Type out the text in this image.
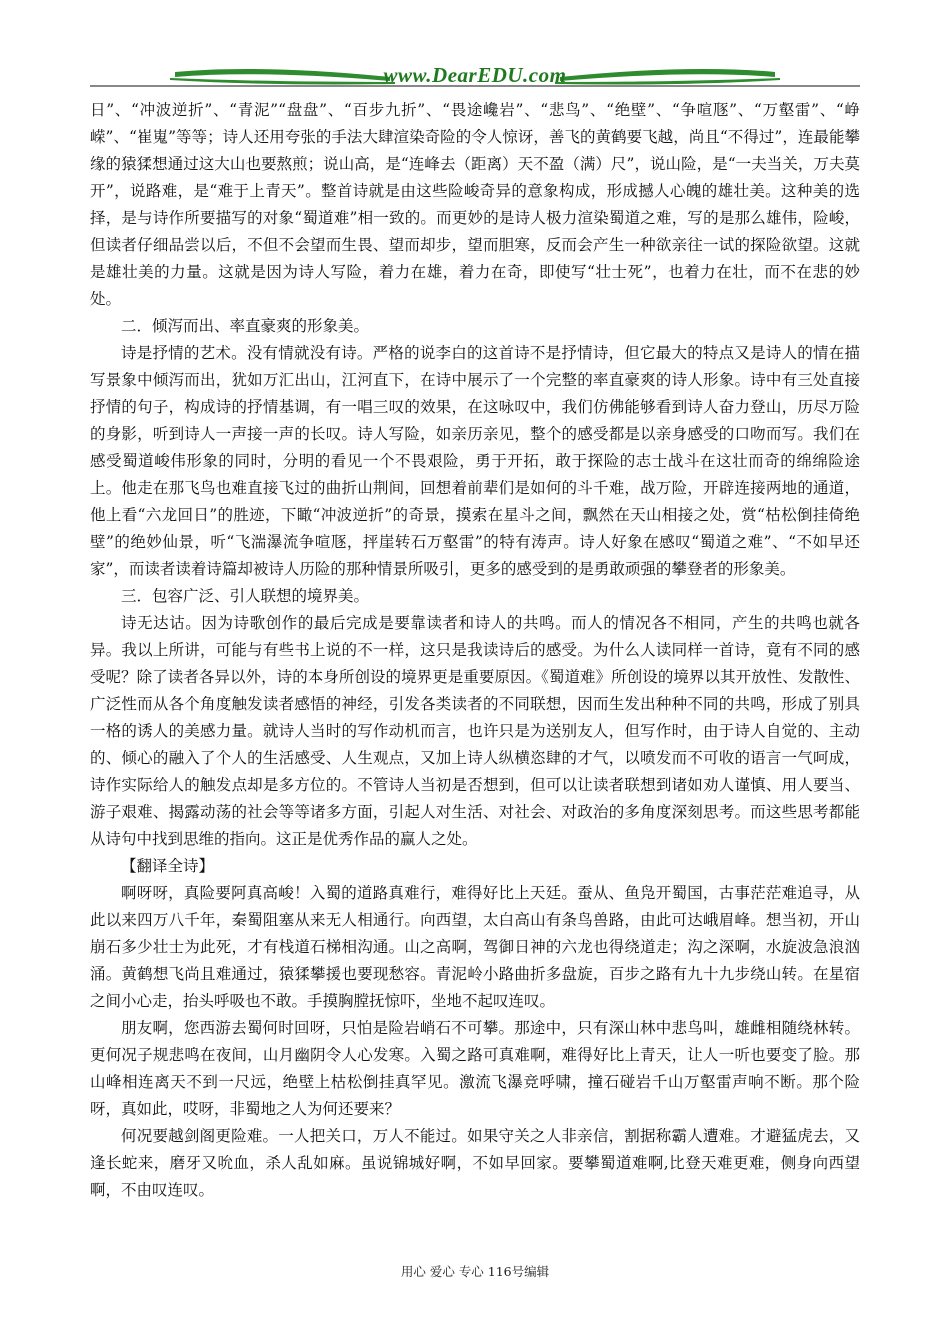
www.DearEDU.com

日”、“冲波逆折”、“青泥”“盘盘”、“百步九折”、“畏途巉岩”、“悲鸟”、“绝壁”、“争喧豗”、“万壑雷”、“峥嵘”、“崔嵬”等等；诗人还用夸张的手法大肆渲染奇险的令人惊讶，善飞的黄鹤要飞越，尚且“不得过”，连最能攀缘的猿猱想通过这大山也要熬煎；说山高，是“连峰去（距离）天不盈（满）尺”，说山险，是“一夫当关，万夫莫开”，说路难，是“难于上青天”。整首诗就是由这些险峻奇异的意象构成，形成撼人心魄的雄壮美。这种美的选择，是与诗作所要描写的对象“蜀道难”相一致的。而更妙的是诗人极力渲染蜀道之难，写的是那么雄伟，险峻，但读者仔细品尝以后，不但不会望而生畏、望而却步，望而胆寒，反而会产生一种欲亲往一试的探险欲望。这就是雄壮美的力量。这就是因为诗人写险，着力在雄，着力在奇，即使写“壮士死”，也着力在壮，而不在悲的妙处。

二．倾泻而出、率直豪爽的形象美。

诗是抒情的艺术。没有情就没有诗。严格的说李白的这首诗不是抒情诗，但它最大的特点又是诗人的情在描写景象中倾泻而出，犹如万汇出山，江河直下，在诗中展示了一个完整的率直豪爽的诗人形象。诗中有三处直接抒情的句子，构成诗的抒情基调，有一唱三叹的效果，在这咏叹中，我们仿佛能够看到诗人奋力登山，历尽万险的身影，听到诗人一声接一声的长叹。诗人写险，如亲历亲见，整个的感受都是以亲身感受的口吻而写。我们在感受蜀道峻伟形象的同时，分明的看见一个不畏艰险，勇于开拓，敢于探险的志士战斗在这壮而奇的绵绵险途上。他走在那飞鸟也难直接飞过的曲折山荆间，回想着前辈们是如何的斗千难，战万险，开辟连接两地的通道，他上看“六龙回日”的胜迹，下瞰“冲波逆折”的奇景，摸索在星斗之间，飘然在天山相接之处，赏“枯松倒挂倚绝壁”的绝妙仙景，听“飞湍瀑流争喧豗，抨崖转石万壑雷”的特有涛声。诗人好象在感叹“蜀道之难”、“不如早还家”，而读者读着诗篇却被诗人历险的那种情景所吸引，更多的感受到的是勇敢顽强的攀登者的形象美。

三．包容广泛、引人联想的境界美。

诗无达诂。因为诗歌创作的最后完成是要靠读者和诗人的共鸣。而人的情况各不相同，产生的共鸣也就各异。我以上所讲，可能与有些书上说的不一样，这只是我读诗后的感受。为什么人读同样一首诗，竟有不同的感受呢？除了读者各异以外，诗的本身所创设的境界更是重要原因。《蜀道难》所创设的境界以其开放性、发散性、广泛性而从各个角度触发读者感悟的神经，引发各类读者的不同联想，因而生发出种种不同的共鸣，形成了别具一格的诱人的美感力量。就诗人当时的写作动机而言，也许只是为送别友人，但写作时，由于诗人自觉的、主动的、倾心的融入了个人的生活感受、人生观点，又加上诗人纵横恣肆的才气，以喷发而不可收的语言一气呵成，诗作实际给人的触发点却是多方位的。不管诗人当初是否想到，但可以让读者联想到诸如劝人谨慎、用人要当、游子艰难、揭露动荡的社会等等诸多方面，引起人对生活、对社会、对政治的多角度深刻思考。而这些思考都能从诗句中找到思维的指向。这正是优秀作品的赢人之处。

【翻译全诗】

啊呀呀，真险要阿真高峻！入蜀的道路真难行，难得好比上天廷。蚕从、鱼凫开蜀国，古事茫茫难追寻，从此以来四万八千年，秦蜀阻塞从来无人相通行。向西望，太白高山有条鸟兽路，由此可达峨眉峰。想当初，开山崩石多少壮士为此死，才有栈道石梯相沟通。山之高啊，驾御日神的六龙也得绕道走；沟之深啊，水旋波急浪汹涌。黄鹤想飞尚且难通过，猿猱攀援也要现愁容。青泥岭小路曲折多盘旋，百步之路有九十九步绕山转。在星宿之间小心走，抬头呼吸也不敢。手摸胸膛抚惊吓，坐地不起叹连叹。

朋友啊，您西游去蜀何时回呀，只怕是险岩峭石不可攀。那途中，只有深山林中悲鸟叫，雄雌相随绕林转。更何况子规悲鸣在夜间，山月幽阴令人心发寒。入蜀之路可真难啊，难得好比上青天，让人一听也要变了脸。那山峰相连离天不到一尺远，绝壁上枯松倒挂真罕见。激流飞瀑竞呼啸，撞石碰岩千山万壑雷声响不断。那个险呀，真如此，哎呀，非蜀地之人为何还要来？

何况要越剑阁更险难。一人把关口，万人不能过。如果守关之人非亲信，割据称霸人遭难。才避猛虎去，又逢长蛇来，磨牙又吮血，杀人乱如麻。虽说锦城好啊，不如早回家。要攀蜀道难啊,比登天难更难，侧身向西望啊，不由叹连叹。

用心 爱心 专心 116号编辑
